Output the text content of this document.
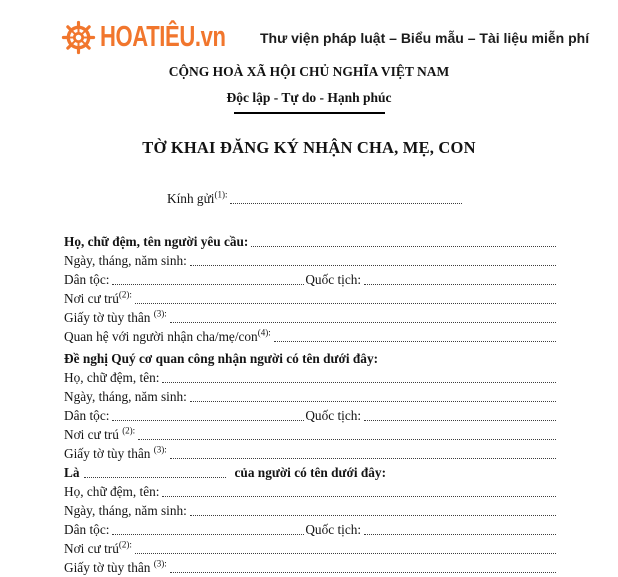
HOATIÊU.vn	Thư viện pháp luật – Biểu mẫu – Tài liệu miễn phí
CỘNG HOÀ XÃ HỘI CHỦ NGHĨA VIỆT NAM
Độc lập - Tự do - Hạnh phúc
TỜ KHAI ĐĂNG KÝ NHẬN CHA, MẸ, CON
Kính gửi$^{(1):}$
Họ, chữ đệm, tên người yêu cầu:
Ngày, tháng, năm sinh:
Dân tộc:	Quốc tịch:
Nơi cư trú$^{(2):}$
Giấy tờ tùy thân $^{(3):}$
Quan hệ với người nhận cha/mẹ/con$^{(4):}$
Đề nghị Quý cơ quan công nhận người có tên dưới đây:
Họ, chữ đệm, tên:
Ngày, tháng, năm sinh:
Dân tộc:	Quốc tịch:
Nơi cư trú $^{(2):}$
Giấy tờ tùy thân $^{(3):}$
Là	của người có tên dưới đây:
Họ, chữ đệm, tên:
Ngày, tháng, năm sinh:
Dân tộc:	Quốc tịch:
Nơi cư trú$^{(2):}$
Giấy tờ tùy thân $^{(3):}$
